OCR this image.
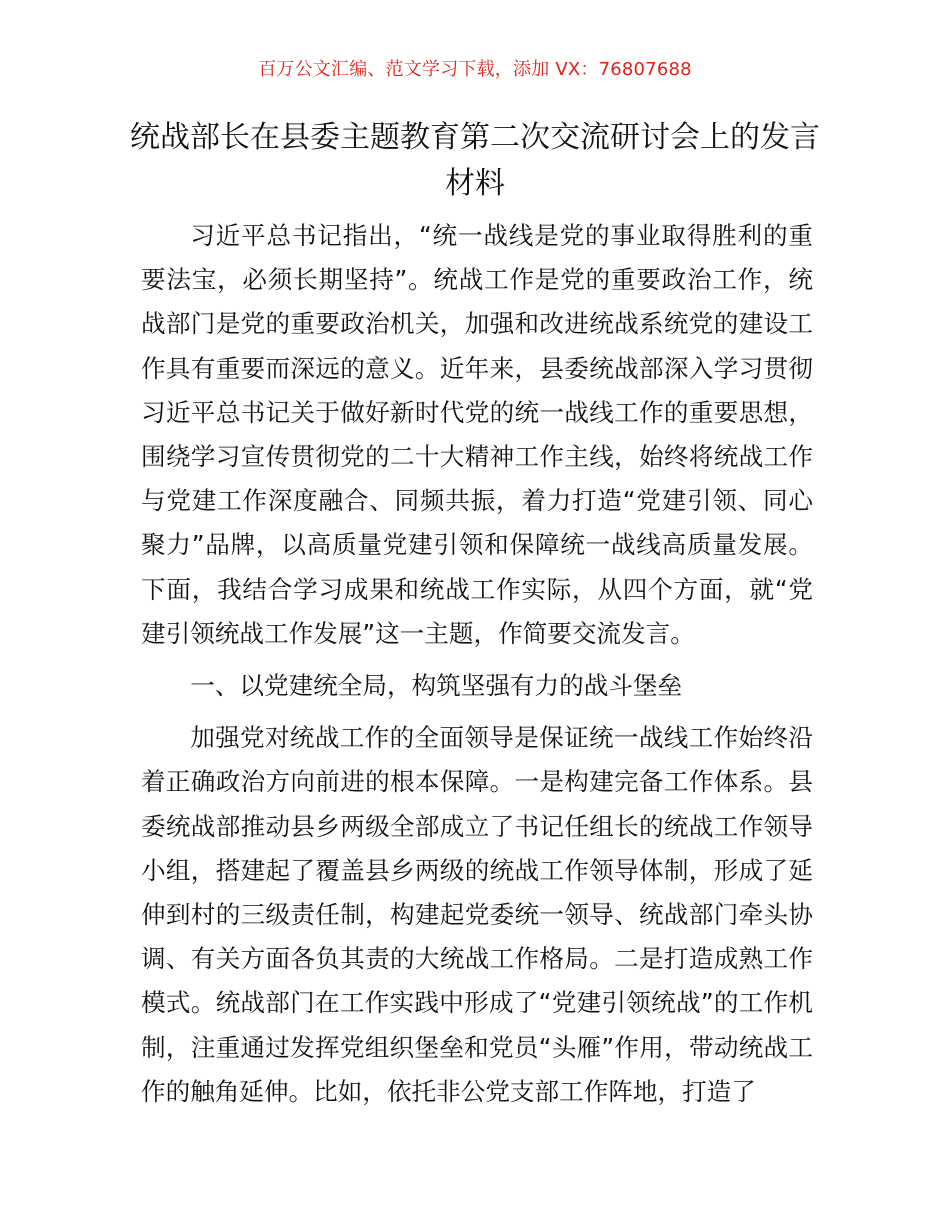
百万公文汇编、范文学习下载，添加 VX：76807688
统战部长在县委主题教育第二次交流研讨会上的发言材料

习近平总书记指出，“统一战线是党的事业取得胜利的重要法宝，必须长期坚持”。统战工作是党的重要政治工作，统战部门是党的重要政治机关，加强和改进统战系统党的建设工作具有重要而深远的意义。近年来，县委统战部深入学习贯彻习近平总书记关于做好新时代党的统一战线工作的重要思想，围绕学习宣传贯彻党的二十大精神工作主线，始终将统战工作与党建工作深度融合、同频共振，着力打造“党建引领、同心聚力”品牌，以高质量党建引领和保障统一战线高质量发展。下面，我结合学习成果和统战工作实际，从四个方面，就“党建引领统战工作发展”这一主题，作简要交流发言。

一、以党建统全局，构筑坚强有力的战斗堡垒

加强党对统战工作的全面领导是保证统一战线工作始终沿着正确政治方向前进的根本保障。一是构建完备工作体系。县委统战部推动县乡两级全部成立了书记任组长的统战工作领导小组，搭建起了覆盖县乡两级的统战工作领导体制，形成了延伸到村的三级责任制，构建起党委统一领导、统战部门牵头协调、有关方面各负其责的大统战工作格局。二是打造成熟工作模式。统战部门在工作实践中形成了“党建引领统战”的工作机制，注重通过发挥党组织堡垒和党员“头雁”作用，带动统战工作的触角延伸。比如，依托非公党支部工作阵地，打造了
